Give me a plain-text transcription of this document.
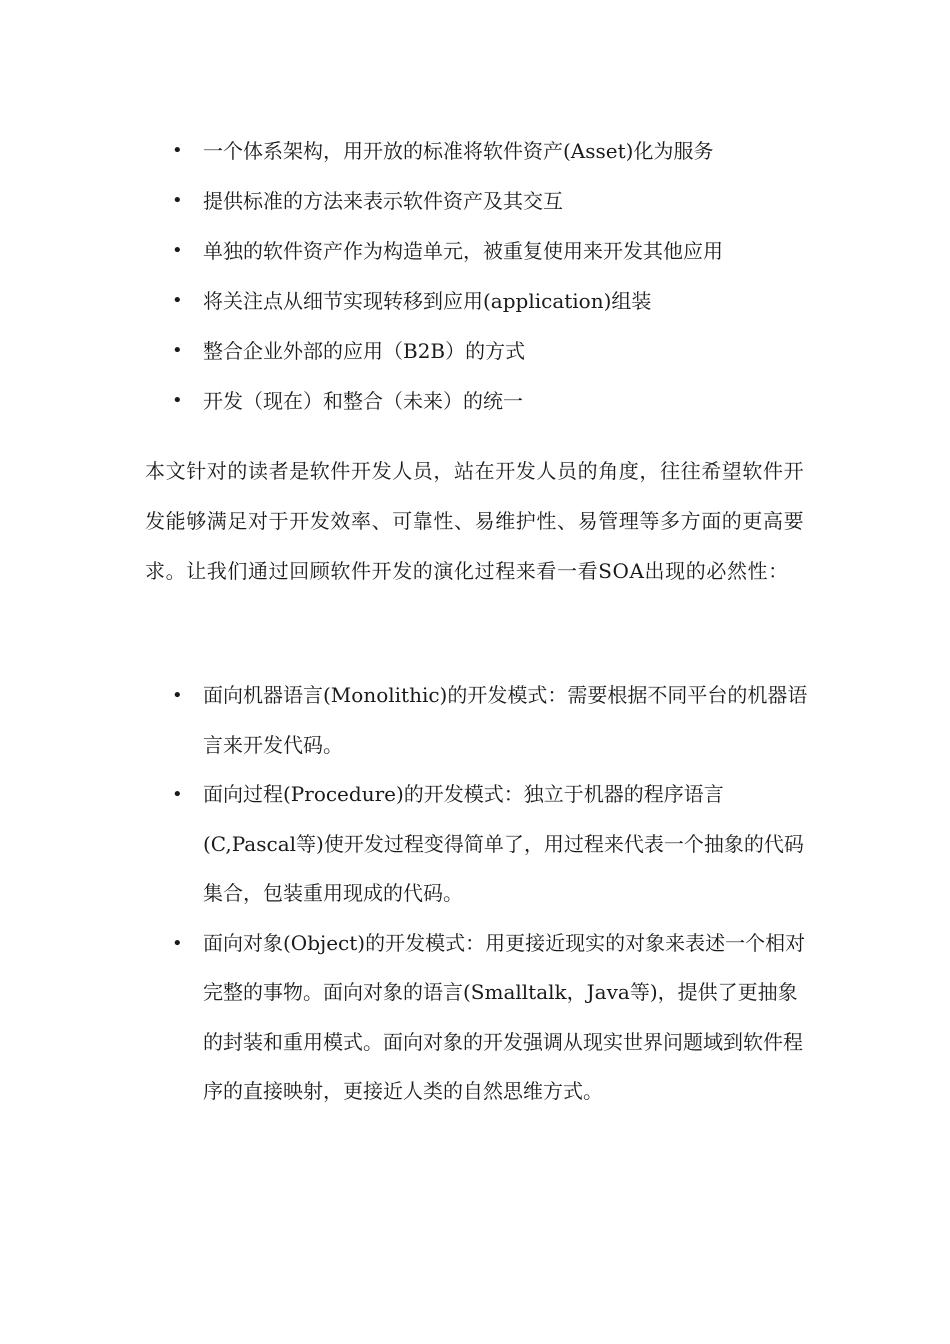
• 一个体系架构，用开放的标准将软件资产(Asset)化为服务
• 提供标准的方法来表示软件资产及其交互
• 单独的软件资产作为构造单元，被重复使用来开发其他应用
• 将关注点从细节实现转移到应用(application)组装
• 整合企业外部的应用（B2B）的方式
• 开发（现在）和整合（未来）的统一

本文针对的读者是软件开发人员，站在开发人员的角度，往往希望软件开发能够满足对于开发效率、可靠性、易维护性、易管理等多方面的更高要求。让我们通过回顾软件开发的演化过程来看一看SOA出现的必然性：

• 面向机器语言(Monolithic)的开发模式：需要根据不同平台的机器语言来开发代码。
• 面向过程(Procedure)的开发模式：独立于机器的程序语言(C,Pascal等)使开发过程变得简单了，用过程来代表一个抽象的代码集合，包装重用现成的代码。
• 面向对象(Object)的开发模式：用更接近现实的对象来表述一个相对完整的事物。面向对象的语言(Smalltalk，Java等)，提供了更抽象的封装和重用模式。面向对象的开发强调从现实世界问题域到软件程序的直接映射，更接近人类的自然思维方式。
